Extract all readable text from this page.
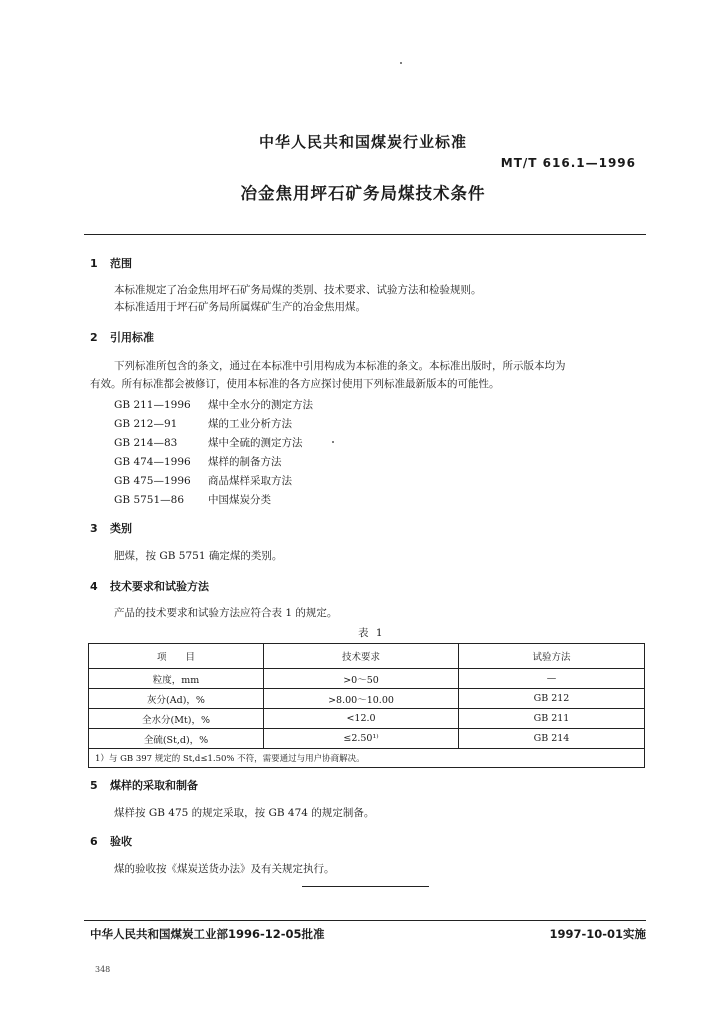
中华人民共和国煤炭行业标准
MT/T 616.1—1996
冶金焦用坪石矿务局煤技术条件
1 范围
本标准规定了冶金焦用坪石矿务局煤的类别、技术要求、试验方法和检验规则。
本标准适用于坪石矿务局所属煤矿生产的冶金焦用煤。
2 引用标准
下列标准所包含的条文，通过在本标准中引用构成为本标准的条文。本标准出版时，所示版本均为
有效。所有标准都会被修订，使用本标准的各方应探讨使用下列标准最新版本的可能性。
GB 211—1996 煤中全水分的测定方法
GB 212—91	煤的工业分析方法
GB 214—83	煤中全硫的测定方法
GB 474—1996 煤样的制备方法
GB 475—1996 商品煤样采取方法
GB 5751—86 中国煤炭分类
3 类别
肥煤，按 GB 5751 确定煤的类别。
4 技术要求和试验方法
产品的技术要求和试验方法应符合表 1 的规定。
表 1
项　　目	技术要求	试验方法
粒度，mm	>0～50	—
灰分(Ad)，%	>8.00～10.00	GB 212
全水分(Mt)，%	<12.0	GB 211
全硫(St,d)，%	≤2.50¹⁾	GB 214
1）与 GB 397 规定的 St,d≤1.50% 不符，需要通过与用户协商解决。		
5 煤样的采取和制备
煤样按 GB 475 的规定采取，按 GB 474 的规定制备。
6 验收
煤的验收按《煤炭送货办法》及有关规定执行。
中华人民共和国煤炭工业部1996-12-05批准	1997-10-01实施
348
